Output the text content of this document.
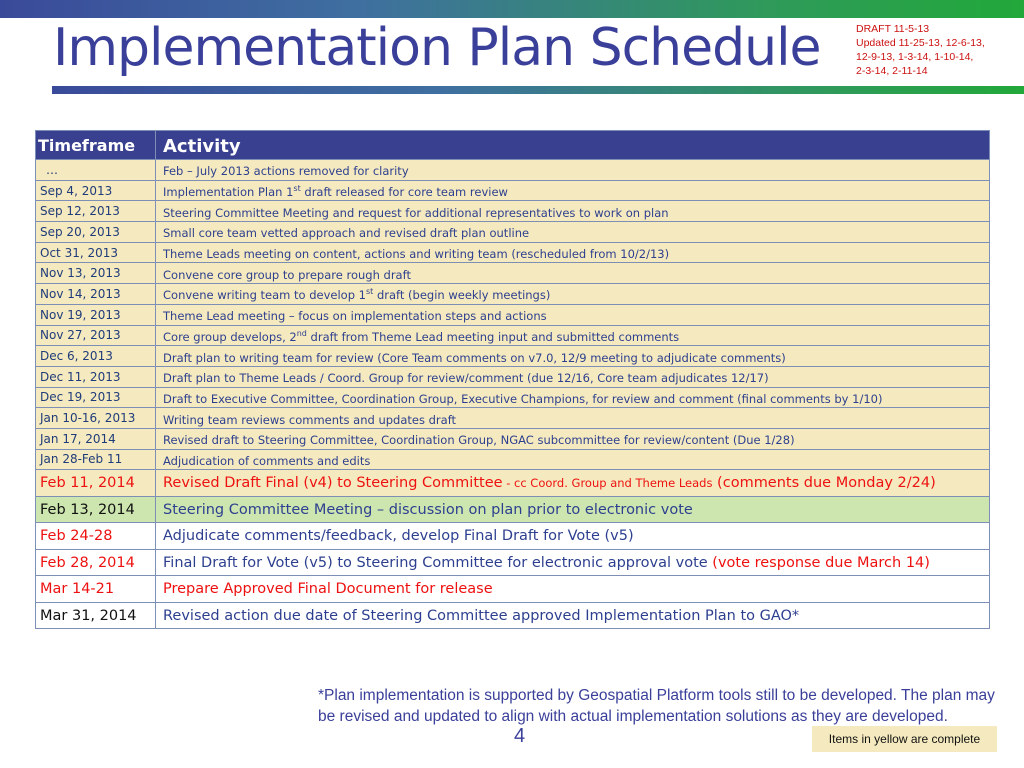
Implementation Plan Schedule	DRAFT 11-5-13
Updated 11-25-13, 12-6-13,
12-9-13, 1-3-14, 1-10-14,
2-3-14, 2-11-14
Timeframe	Activity
…	Feb – July 2013 actions removed for clarity
Sep 4, 2013	Implementation Plan 1st draft released for core team review
Sep 12, 2013	Steering Committee Meeting and request for additional representatives to work on plan
Sep 20, 2013	Small core team vetted approach and revised draft plan outline
Oct 31, 2013	Theme Leads meeting on content, actions and writing team (rescheduled from 10/2/13)
Nov 13, 2013	Convene core group to prepare rough draft
Nov 14, 2013	Convene writing team to develop 1st draft (begin weekly meetings)
Nov 19, 2013	Theme Lead meeting – focus on implementation steps and actions
Nov 27, 2013	Core group develops, 2nd draft from Theme Lead meeting input and submitted comments
Dec 6, 2013	Draft plan to writing team for review (Core Team comments on v7.0, 12/9 meeting to adjudicate comments)
Dec 11, 2013	Draft plan to Theme Leads / Coord. Group for review/comment (due 12/16, Core team adjudicates 12/17)
Dec 19, 2013	Draft to Executive Committee, Coordination Group, Executive Champions, for review and comment (final comments by 1/10)
Jan 10-16, 2013	Writing team reviews comments and updates draft
Jan 17, 2014	Revised draft to Steering Committee, Coordination Group, NGAC subcommittee for review/content (Due 1/28)
Jan 28-Feb 11	Adjudication of comments and edits
Feb 11, 2014	Revised Draft Final (v4) to Steering Committee - cc Coord. Group and Theme Leads (comments due Monday 2/24)
Feb 13, 2014	Steering Committee Meeting – discussion on plan prior to electronic vote
Feb 24-28	Adjudicate comments/feedback, develop Final Draft for Vote (v5)
Feb 28, 2014	Final Draft for Vote (v5) to Steering Committee for electronic approval vote (vote response due March 14)
Mar 14-21	Prepare Approved Final Document for release
Mar 31, 2014	Revised action due date of Steering Committee approved Implementation Plan to GAO*
*Plan implementation is supported by Geospatial Platform tools still to be developed. The plan may be revised and updated to align with actual implementation solutions as they are developed.
4	Items in yellow are complete
